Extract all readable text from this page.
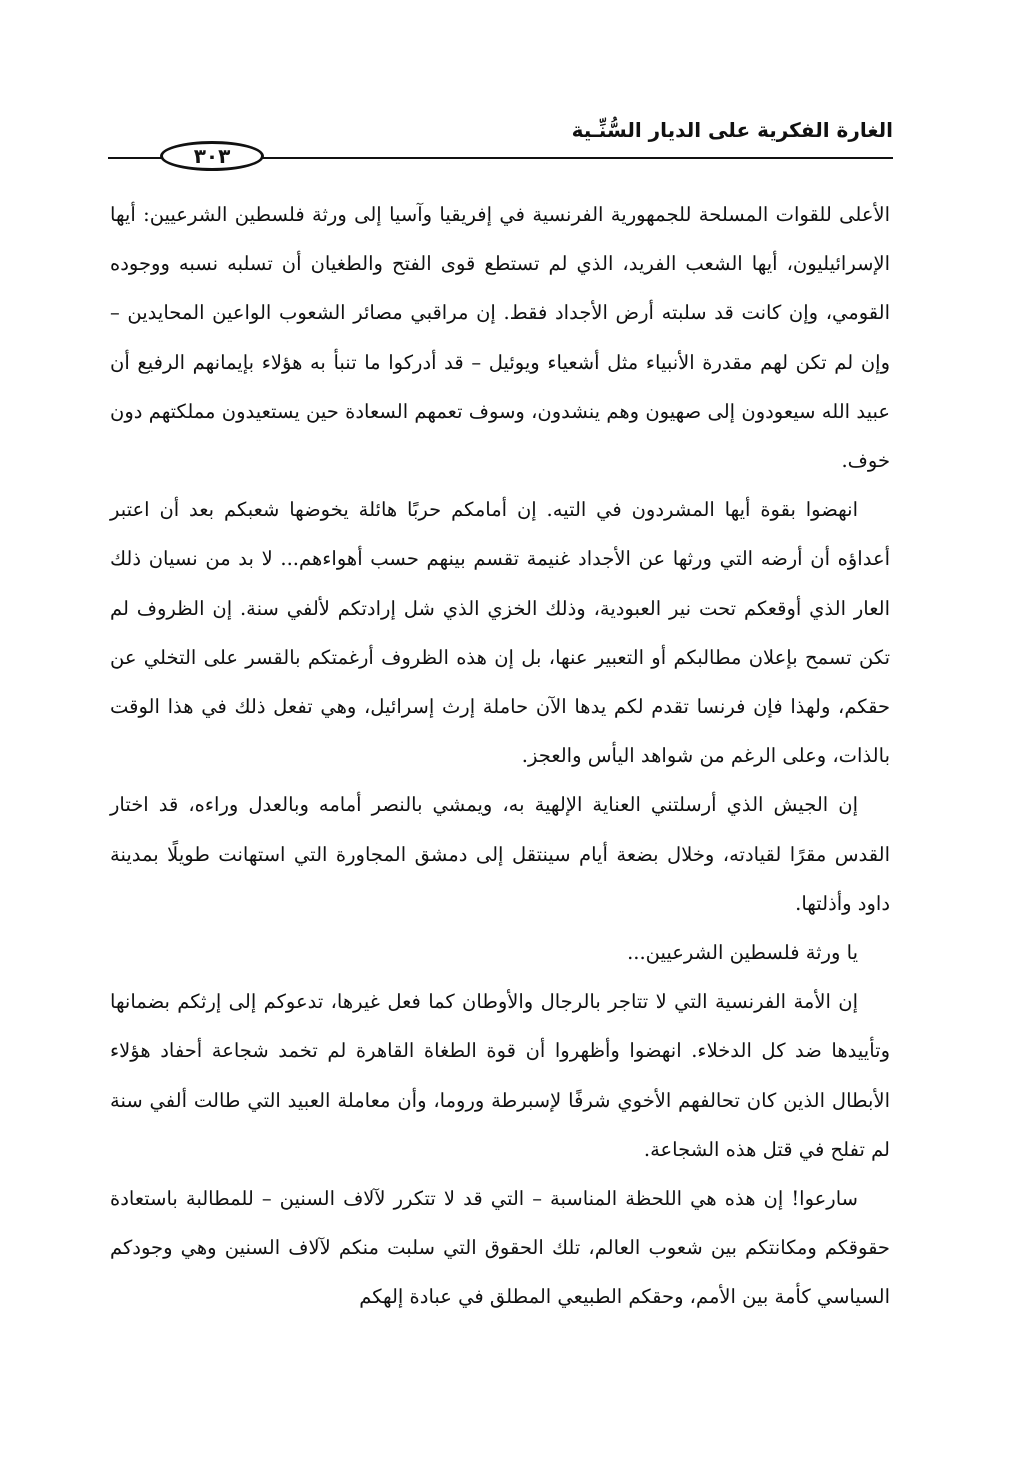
الغارة الفكرية على الديار السُّنِّـية
٣٠٣

الأعلى للقوات المسلحة للجمهورية الفرنسية في إفريقيا وآسيا إلى ورثة فلسطين الشرعيين: أيها الإسرائيليون، أيها الشعب الفريد، الذي لم تستطع قوى الفتح والطغيان أن تسلبه نسبه ووجوده القومي، وإن كانت قد سلبته أرض الأجداد فقط. إن مراقبي مصائر الشعوب الواعين المحايدين – وإن لم تكن لهم مقدرة الأنبياء مثل أشعياء ويوئيل – قد أدركوا ما تنبأ به هؤلاء بإيمانهم الرفيع أن عبيد الله سيعودون إلى صهيون وهم ينشدون، وسوف تعمهم السعادة حين يستعيدون مملكتهم دون خوف.

انهضوا بقوة أيها المشردون في التيه. إن أمامكم حربًا هائلة يخوضها شعبكم بعد أن اعتبر أعداؤه أن أرضه التي ورثها عن الأجداد غنيمة تقسم بينهم حسب أهواءهم... لا بد من نسيان ذلك العار الذي أوقعكم تحت نير العبودية، وذلك الخزي الذي شل إرادتكم لألفي سنة. إن الظروف لم تكن تسمح بإعلان مطالبكم أو التعبير عنها، بل إن هذه الظروف أرغمتكم بالقسر على التخلي عن حقكم، ولهذا فإن فرنسا تقدم لكم يدها الآن حاملة إرث إسرائيل، وهي تفعل ذلك في هذا الوقت بالذات، وعلى الرغم من شواهد اليأس والعجز.

إن الجيش الذي أرسلتني العناية الإلهية به، ويمشي بالنصر أمامه وبالعدل وراءه، قد اختار القدس مقرًا لقيادته، وخلال بضعة أيام سينتقل إلى دمشق المجاورة التي استهانت طويلًا بمدينة داود وأذلتها.

يا ورثة فلسطين الشرعيين...

إن الأمة الفرنسية التي لا تتاجر بالرجال والأوطان كما فعل غيرها، تدعوكم إلى إرثكم بضمانها وتأييدها ضد كل الدخلاء. انهضوا وأظهروا أن قوة الطغاة القاهرة لم تخمد شجاعة أحفاد هؤلاء الأبطال الذين كان تحالفهم الأخوي شرفًا لإسبرطة وروما، وأن معاملة العبيد التي طالت ألفي سنة لم تفلح في قتل هذه الشجاعة.

سارعوا! إن هذه هي اللحظة المناسبة – التي قد لا تتكرر لآلاف السنين – للمطالبة باستعادة حقوقكم ومكانتكم بين شعوب العالم، تلك الحقوق التي سلبت منكم لآلاف السنين وهي وجودكم السياسي كأمة بين الأمم، وحقكم الطبيعي المطلق في عبادة إلهكم
